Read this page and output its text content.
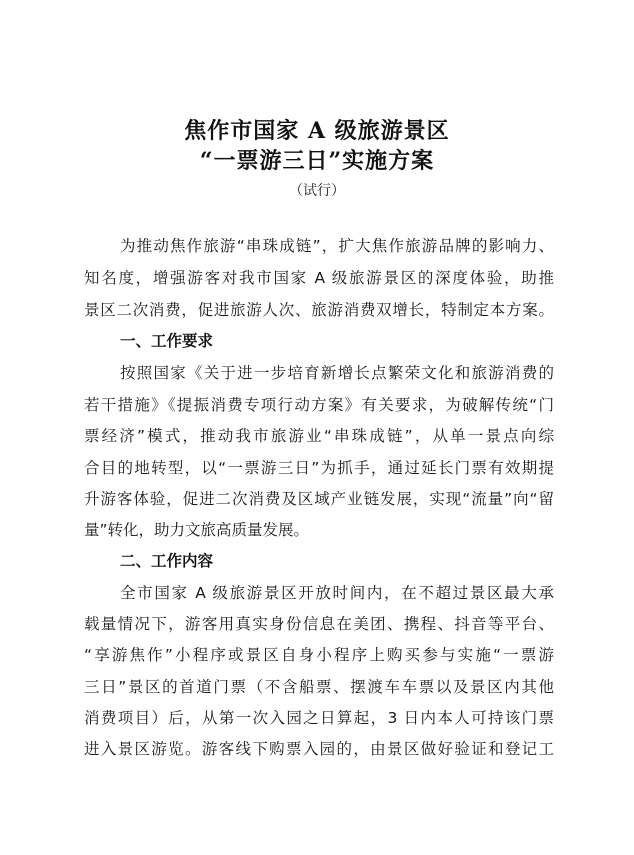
焦作市国家 A 级旅游景区
“一票游三日”实施方案
（试行）
为推动焦作旅游“串珠成链”，扩大焦作旅游品牌的影响力、
知名度，增强游客对我市国家 A 级旅游景区的深度体验，助推
景区二次消费，促进旅游人次、旅游消费双增长，特制定本方案。
一、工作要求
按照国家《关于进一步培育新增长点繁荣文化和旅游消费的
若干措施》《提振消费专项行动方案》有关要求，为破解传统“门
票经济”模式，推动我市旅游业“串珠成链”，从单一景点向综
合目的地转型，以“一票游三日”为抓手，通过延长门票有效期提
升游客体验，促进二次消费及区域产业链发展，实现“流量”向“留
量”转化，助力文旅高质量发展。
二、工作内容
全市国家 A 级旅游景区开放时间内，在不超过景区最大承
载量情况下，游客用真实身份信息在美团、携程、抖音等平台、
“享游焦作”小程序或景区自身小程序上购买参与实施“一票游
三日”景区的首道门票（不含船票、摆渡车车票以及景区内其他
消费项目）后，从第一次入园之日算起，3 日内本人可持该门票
进入景区游览。游客线下购票入园的，由景区做好验证和登记工
